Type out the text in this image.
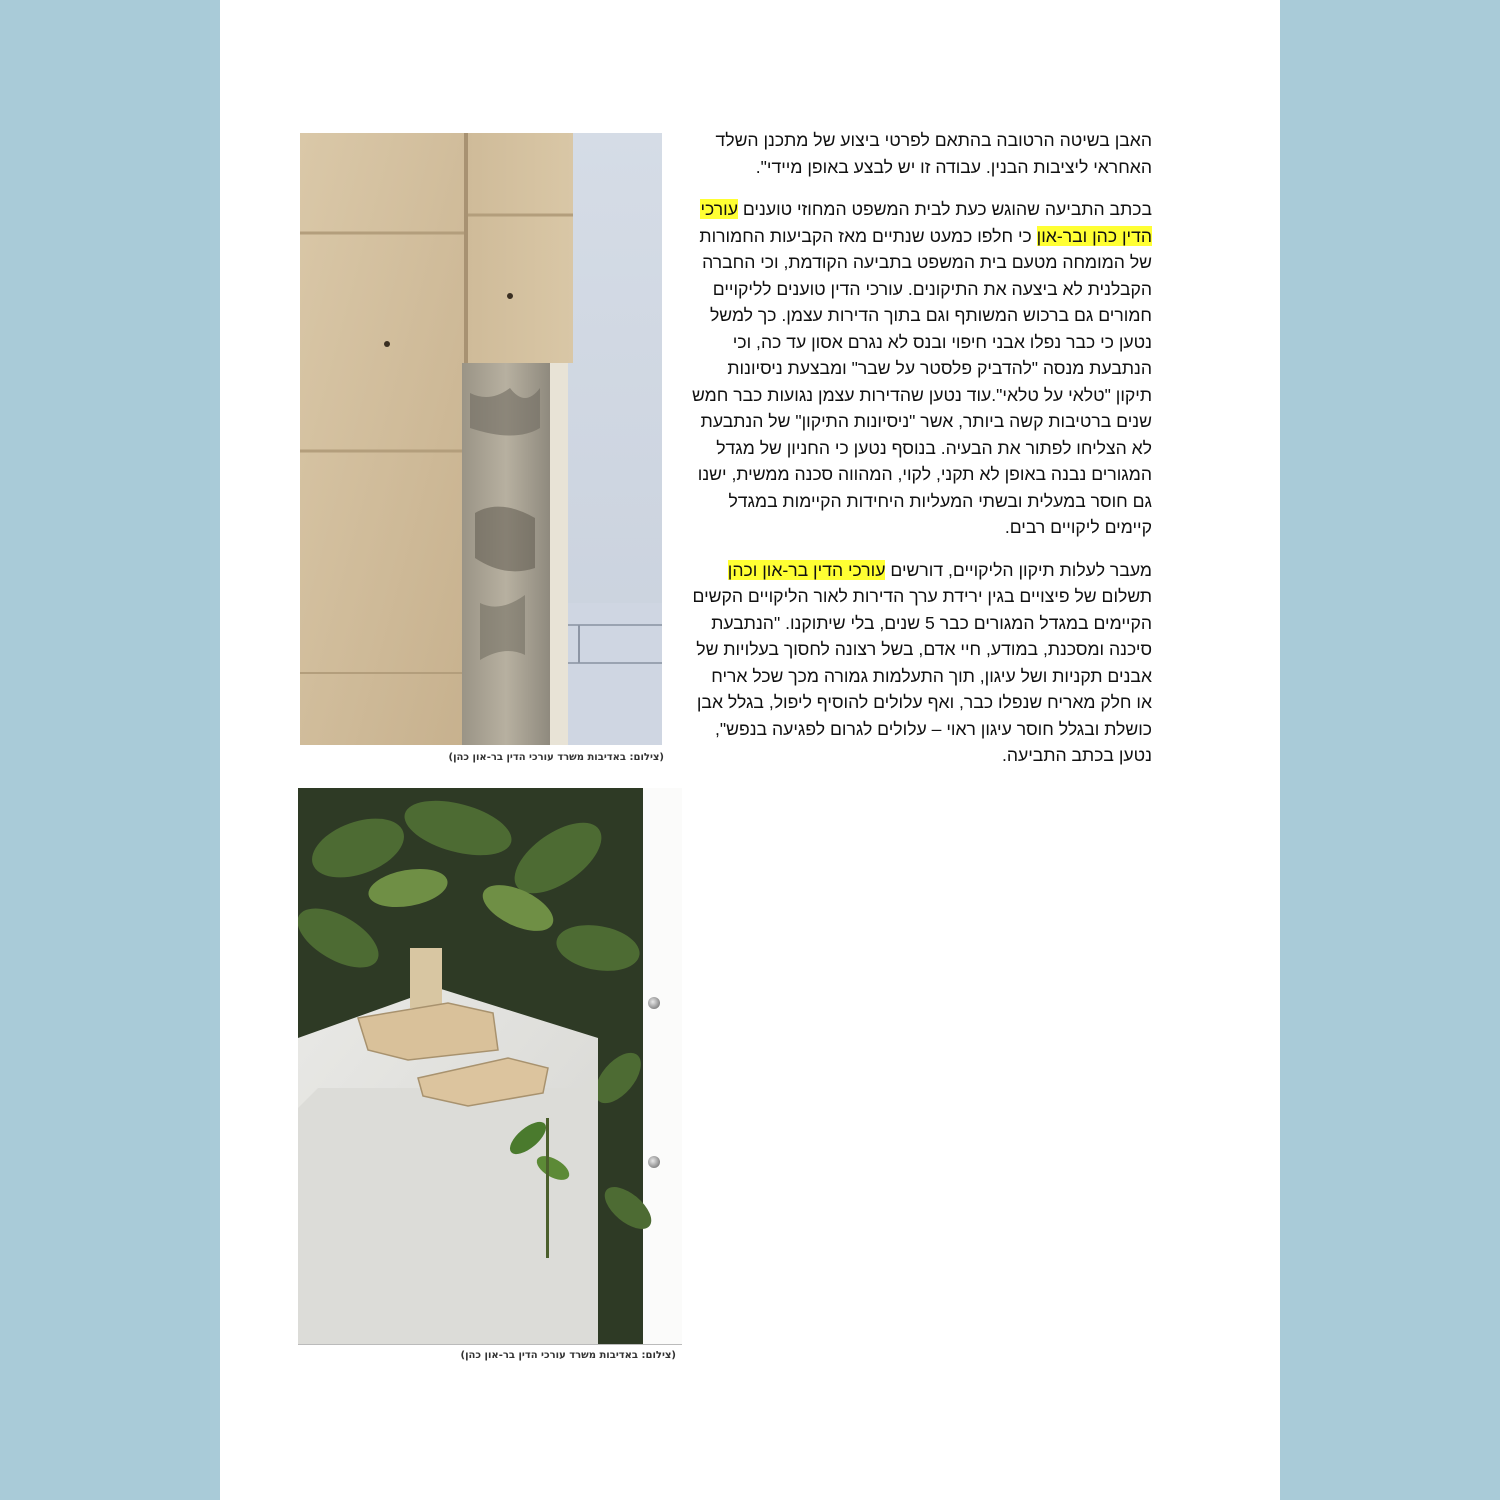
(צילום: באדיבות משרד עורכי הדין בר-און כהן)
(צילום: באדיבות משרד עורכי הדין בר-און כהן)

האבן בשיטה הרטובה בהתאם לפרטי ביצוע של מתכנן השלד האחראי ליציבות הבנין. עבודה זו יש לבצע באופן מיידי".

בכתב התביעה שהוגש כעת לבית המשפט המחוזי טוענים עורכי הדין כהן ובר-און כי חלפו כמעט שנתיים מאז הקביעות החמורות של המומחה מטעם בית המשפט בתביעה הקודמת, וכי החברה הקבלנית לא ביצעה את התיקונים. עורכי הדין טוענים לליקויים חמורים גם ברכוש המשותף וגם בתוך הדירות עצמן. כך למשל נטען כי כבר נפלו אבני חיפוי ובנס לא נגרם אסון עד כה, וכי הנתבעת מנסה "להדביק פלסטר על שבר" ומבצעת ניסיונות תיקון "טלאי על טלאי".עוד נטען שהדירות עצמן נגועות כבר חמש שנים ברטיבות קשה ביותר, אשר "ניסיונות התיקון" של הנתבעת לא הצליחו לפתור את הבעיה. בנוסף נטען כי החניון של מגדל המגורים נבנה באופן לא תקני, לקוי, המהווה סכנה ממשית, ישנו גם חוסר במעלית ובשתי המעליות היחידות הקיימות במגדל קיימים ליקויים רבים.

מעבר לעלות תיקון הליקויים, דורשים עורכי הדין בר-און וכהן תשלום של פיצויים בגין ירידת ערך הדירות לאור הליקויים הקשים הקיימים במגדל המגורים כבר 5 שנים, בלי שיתוקנו. "הנתבעת סיכנה ומסכנת, במודע, חיי אדם, בשל רצונה לחסוך בעלויות של אבנים תקניות ושל עיגון, תוך התעלמות גמורה מכך שכל אריח או חלק מאריח שנפלו כבר, ואף עלולים להוסיף ליפול, בגלל אבן כושלת ובגלל חוסר עיגון ראוי – עלולים לגרום לפגיעה בנפש", נטען בכתב התביעה.
